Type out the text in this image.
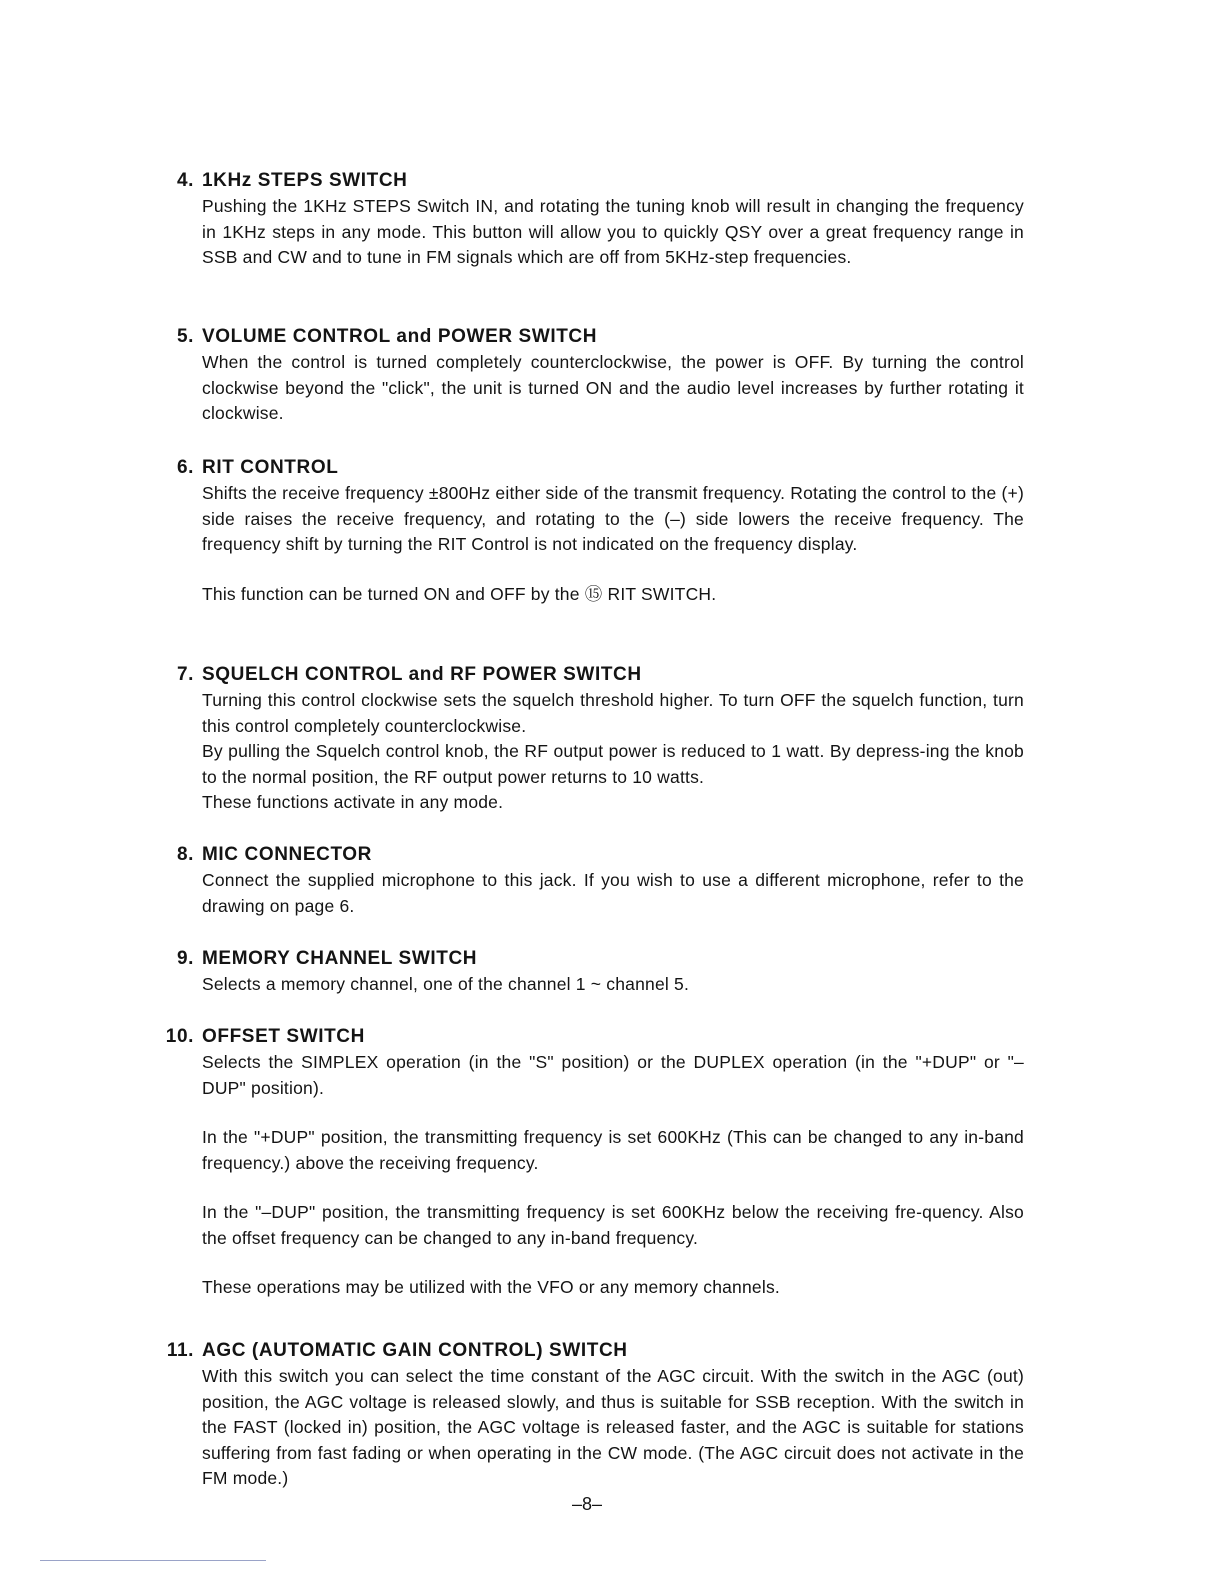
4. 1KHz STEPS SWITCH
Pushing the 1KHz STEPS Switch IN, and rotating the tuning knob will result in changing the frequency in 1KHz steps in any mode. This button will allow you to quickly QSY over a great frequency range in SSB and CW and to tune in FM signals which are off from 5KHz-step frequencies.
5. VOLUME CONTROL and POWER SWITCH
When the control is turned completely counterclockwise, the power is OFF. By turning the control clockwise beyond the "click", the unit is turned ON and the audio level increases by further rotating it clockwise.
6. RIT CONTROL
Shifts the receive frequency ±800Hz either side of the transmit frequency. Rotating the control to the (+) side raises the receive frequency, and rotating to the (–) side lowers the receive frequency. The frequency shift by turning the RIT Control is not indicated on the frequency display.
This function can be turned ON and OFF by the ⑮ RIT SWITCH.
7. SQUELCH CONTROL and RF POWER SWITCH
Turning this control clockwise sets the squelch threshold higher. To turn OFF the squelch function, turn this control completely counterclockwise.
By pulling the Squelch control knob, the RF output power is reduced to 1 watt. By depress-ing the knob to the normal position, the RF output power returns to 10 watts.
These functions activate in any mode.
8. MIC CONNECTOR
Connect the supplied microphone to this jack. If you wish to use a different microphone, refer to the drawing on page 6.
9. MEMORY CHANNEL SWITCH
Selects a memory channel, one of the channel 1 ~ channel 5.
10. OFFSET SWITCH
Selects the SIMPLEX operation (in the "S" position) or the DUPLEX operation (in the "+DUP" or "–DUP" position).
In the "+DUP" position, the transmitting frequency is set 600KHz (This can be changed to any in-band frequency.) above the receiving frequency.
In the "–DUP" position, the transmitting frequency is set 600KHz below the receiving fre-quency. Also the offset frequency can be changed to any in-band frequency.
These operations may be utilized with the VFO or any memory channels.
11. AGC (AUTOMATIC GAIN CONTROL) SWITCH
With this switch you can select the time constant of the AGC circuit. With the switch in the AGC (out) position, the AGC voltage is released slowly, and thus is suitable for SSB reception. With the switch in the FAST (locked in) position, the AGC voltage is released faster, and the AGC is suitable for stations suffering from fast fading or when operating in the CW mode. (The AGC circuit does not activate in the FM mode.)
–8–
